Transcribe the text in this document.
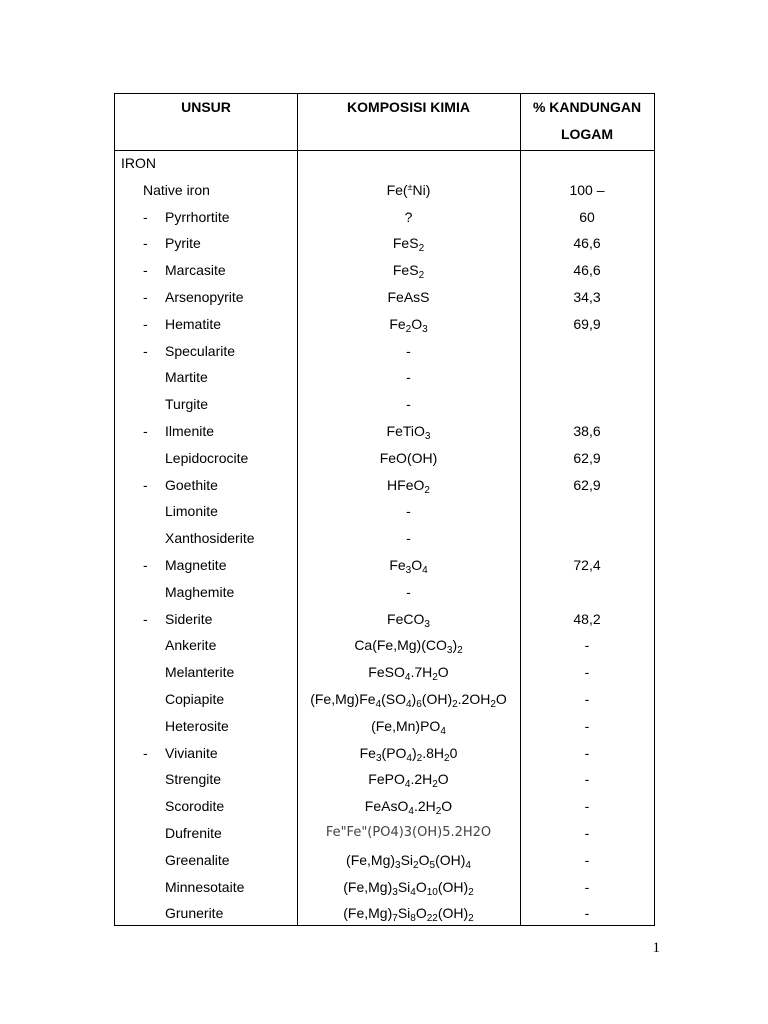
UNSUR	KOMPOSISI KIMIA	% KANDUNGAN
LOGAM
IRON
Native iron	Fe(±Ni)	100 –
- Pyrrhortite	?	60
- Pyrite	FeS$_2$	46,6
- Marcasite	FeS$_2$	46,6
- Arsenopyrite	FeAsS	34,3
- Hematite	$Fe_2O_3$	69,9
- Specularite	-
Martite	-
Turgite	-
- Ilmenite	FeTiO$_3$	38,6
Lepidocrocite	FeO(OH)	62,9
- Goethite	HFeO$_2$	62,9
Limonite	-
Xanthosiderite	-
- Magnetite	$Fe_3O_4$	72,4
Maghemite	-
- Siderite	FeCO$_3$	48,2
Ankerite	$Ca(Fe,Mg)(CO_3)_2$	-
Melanterite	$FeSO_4.7H_2O$	-
Copiapite	$(Fe,Mg)Fe_4(SO_4)_6(OH)_2.2OH_2O$	-
Heterosite	$(Fe,Mn)PO_4$	-
- Vivianite	$Fe_3(PO_4)_2.8H_20$	-
Strengite	$FePO_4.2H_2O$	-
Scorodite	$FeAsO_4.2H_2O$	-
Dufrenite	Fe"Fe"(PO4)3(OH)5.2H2O	-
Greenalite	$(Fe,Mg)_3Si_2O_5(OH)_4$	-
Minnesotaite	$(Fe,Mg)_3Si_4O_{10}(OH)_2$	-
Grunerite	$(Fe,Mg)_7Si_8O_{22}(OH)_2$	-
1
